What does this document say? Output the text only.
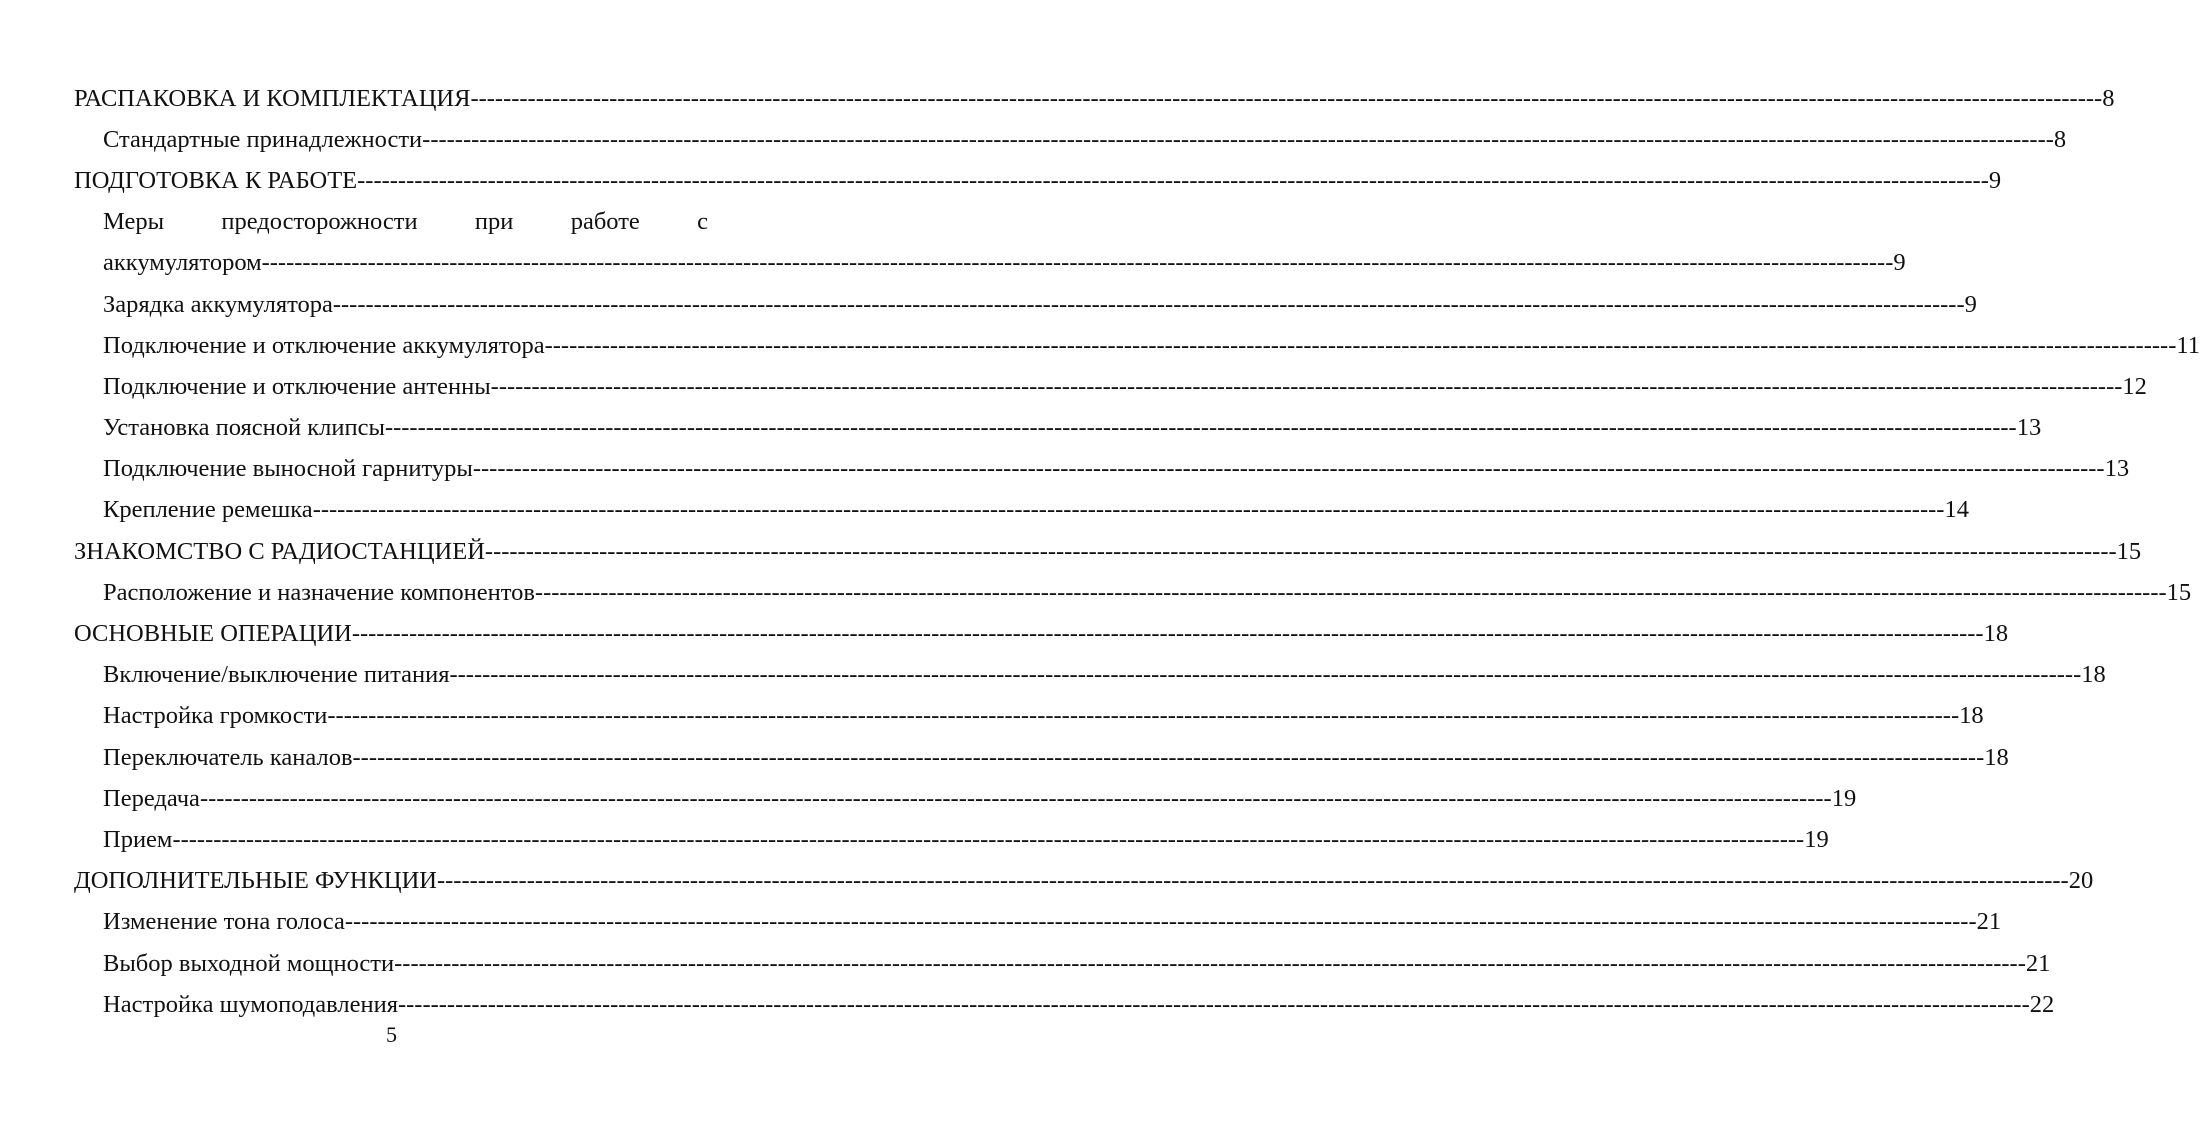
РАСПАКОВКА И КОМПЛЕКТАЦИЯ -------------------------------------------------------------------------------------------------------------------------------------------------------------------------------------------------------- 8
Стандартные принадлежности -------------------------------------------------------------------------------------------------------------------------------------------------------------------------------------------------------- 8
ПОДГОТОВКА К РАБОТЕ -------------------------------------------------------------------------------------------------------------------------------------------------------------------------------------------------------- 9
Меры предосторожности при работе с
аккумулятором -------------------------------------------------------------------------------------------------------------------------------------------------------------------------------------------------------- 9
Зарядка аккумулятора -------------------------------------------------------------------------------------------------------------------------------------------------------------------------------------------------------- 9
Подключение и отключение аккумулятора -------------------------------------------------------------------------------------------------------------------------------------------------------------------------------------------------------- 11
Подключение и отключение антенны -------------------------------------------------------------------------------------------------------------------------------------------------------------------------------------------------------- 12
Установка поясной клипсы -------------------------------------------------------------------------------------------------------------------------------------------------------------------------------------------------------- 13
Подключение выносной гарнитуры -------------------------------------------------------------------------------------------------------------------------------------------------------------------------------------------------------- 13
Крепление ремешка -------------------------------------------------------------------------------------------------------------------------------------------------------------------------------------------------------- 14
ЗНАКОМСТВО С РАДИОСТАНЦИЕЙ -------------------------------------------------------------------------------------------------------------------------------------------------------------------------------------------------------- 15
Расположение и назначение компонентов -------------------------------------------------------------------------------------------------------------------------------------------------------------------------------------------------------- 15
ОСНОВНЫЕ ОПЕРАЦИИ -------------------------------------------------------------------------------------------------------------------------------------------------------------------------------------------------------- 18
Включение/выключение питания -------------------------------------------------------------------------------------------------------------------------------------------------------------------------------------------------------- 18
Настройка громкости -------------------------------------------------------------------------------------------------------------------------------------------------------------------------------------------------------- 18
Переключатель каналов -------------------------------------------------------------------------------------------------------------------------------------------------------------------------------------------------------- 18
Передача -------------------------------------------------------------------------------------------------------------------------------------------------------------------------------------------------------- 19
Прием -------------------------------------------------------------------------------------------------------------------------------------------------------------------------------------------------------- 19
ДОПОЛНИТЕЛЬНЫЕ ФУНКЦИИ -------------------------------------------------------------------------------------------------------------------------------------------------------------------------------------------------------- 20
Изменение тона голоса -------------------------------------------------------------------------------------------------------------------------------------------------------------------------------------------------------- 21
Выбор выходной мощности -------------------------------------------------------------------------------------------------------------------------------------------------------------------------------------------------------- 21
Настройка шумоподавления -------------------------------------------------------------------------------------------------------------------------------------------------------------------------------------------------------- 22
5
